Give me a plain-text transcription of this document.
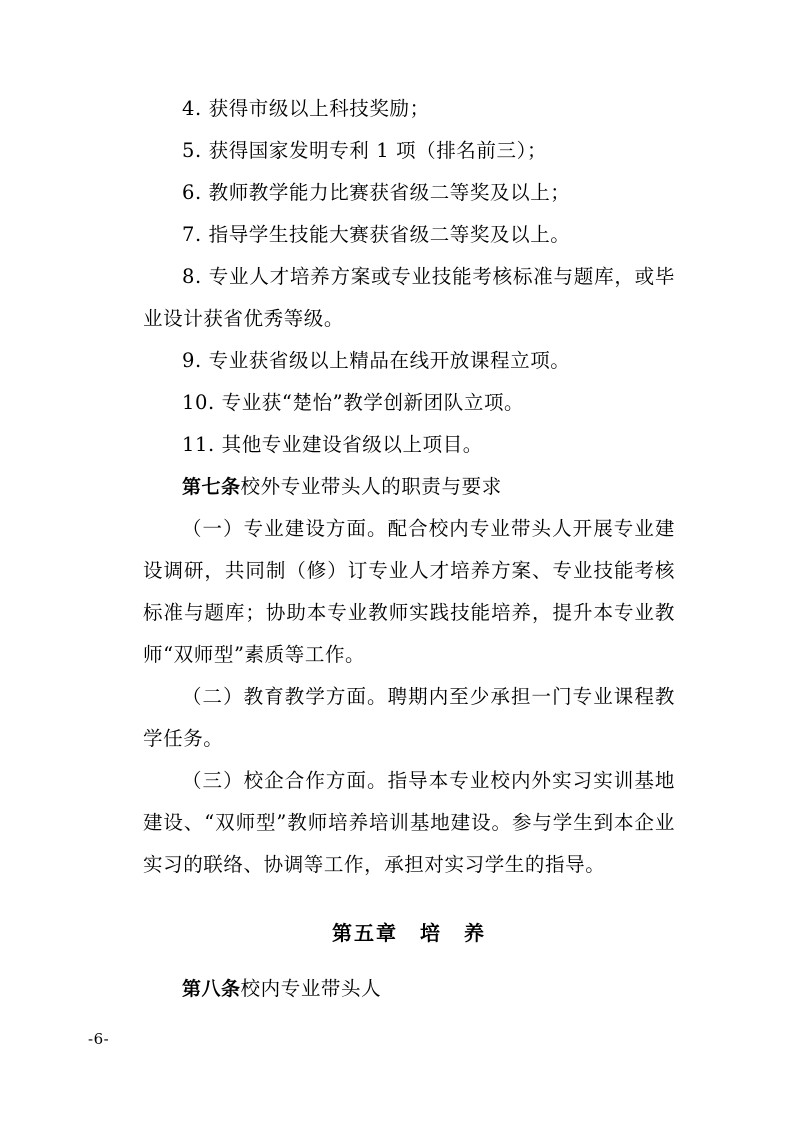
4. 获得市级以上科技奖励；

5. 获得国家发明专利 1 项（排名前三）；

6. 教师教学能力比赛获省级二等奖及以上；

7. 指导学生技能大赛获省级二等奖及以上。

8. 专业人才培养方案或专业技能考核标准与题库，或毕业设计获省优秀等级。

9. 专业获省级以上精品在线开放课程立项。

10. 专业获“楚怡”教学创新团队立项。

11. 其他专业建设省级以上项目。

第七条校外专业带头人的职责与要求

（一）专业建设方面。配合校内专业带头人开展专业建设调研，共同制（修）订专业人才培养方案、专业技能考核标准与题库；协助本专业教师实践技能培养，提升本专业教师“双师型”素质等工作。

（二）教育教学方面。聘期内至少承担一门专业课程教学任务。

（三）校企合作方面。指导本专业校内外实习实训基地建设、“双师型”教师培养培训基地建设。参与学生到本企业实习的联络、协调等工作，承担对实习学生的指导。

第五章　培　养

第八条校内专业带头人

-6-
